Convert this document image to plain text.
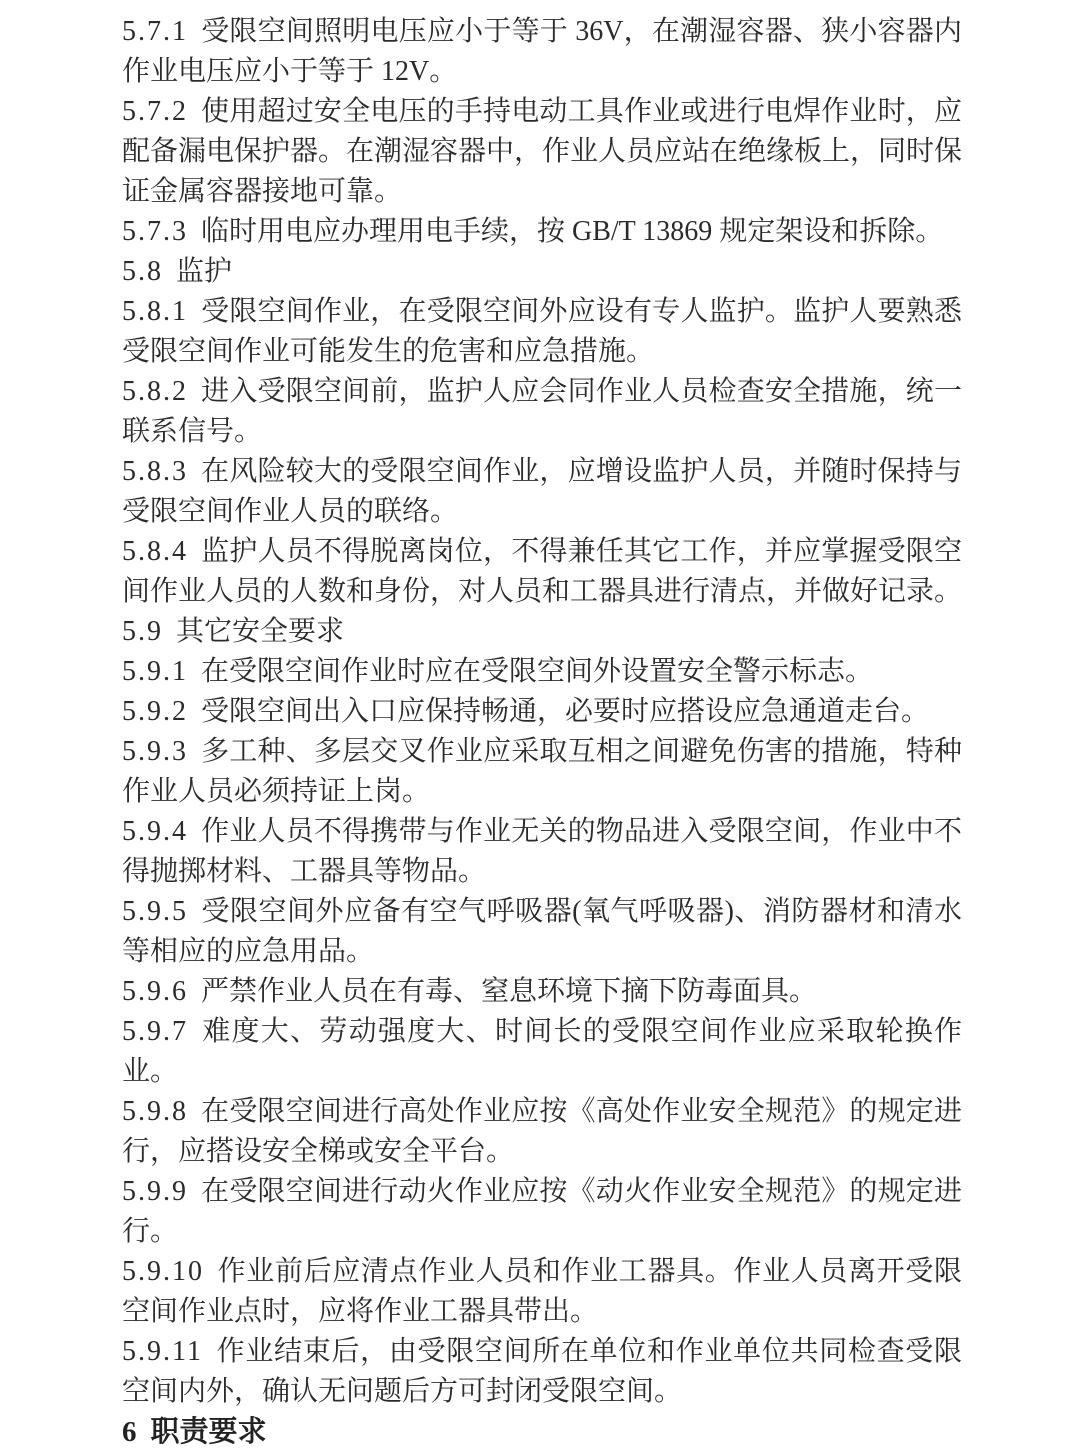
5.7.1 受限空间照明电压应小于等于 36V，在潮湿容器、狭小容器内作业电压应小于等于 12V。

5.7.2 使用超过安全电压的手持电动工具作业或进行电焊作业时，应配备漏电保护器。在潮湿容器中，作业人员应站在绝缘板上，同时保证金属容器接地可靠。

5.7.3 临时用电应办理用电手续，按 GB/T 13869 规定架设和拆除。

5.8 监护

5.8.1 受限空间作业，在受限空间外应设有专人监护。监护人要熟悉受限空间作业可能发生的危害和应急措施。

5.8.2 进入受限空间前，监护人应会同作业人员检查安全措施，统一联系信号。

5.8.3 在风险较大的受限空间作业，应增设监护人员，并随时保持与受限空间作业人员的联络。

5.8.4 监护人员不得脱离岗位，不得兼任其它工作，并应掌握受限空间作业人员的人数和身份，对人员和工器具进行清点，并做好记录。

5.9 其它安全要求

5.9.1 在受限空间作业时应在受限空间外设置安全警示标志。

5.9.2 受限空间出入口应保持畅通，必要时应搭设应急通道走台。

5.9.3 多工种、多层交叉作业应采取互相之间避免伤害的措施，特种作业人员必须持证上岗。

5.9.4 作业人员不得携带与作业无关的物品进入受限空间，作业中不得抛掷材料、工器具等物品。

5.9.5 受限空间外应备有空气呼吸器(氧气呼吸器)、消防器材和清水等相应的应急用品。

5.9.6 严禁作业人员在有毒、窒息环境下摘下防毒面具。

5.9.7 难度大、劳动强度大、时间长的受限空间作业应采取轮换作业。

5.9.8 在受限空间进行高处作业应按《高处作业安全规范》的规定进行，应搭设安全梯或安全平台。

5.9.9 在受限空间进行动火作业应按《动火作业安全规范》的规定进行。

5.9.10 作业前后应清点作业人员和作业工器具。作业人员离开受限空间作业点时，应将作业工器具带出。

5.9.11 作业结束后，由受限空间所在单位和作业单位共同检查受限空间内外，确认无问题后方可封闭受限空间。

6 职责要求
